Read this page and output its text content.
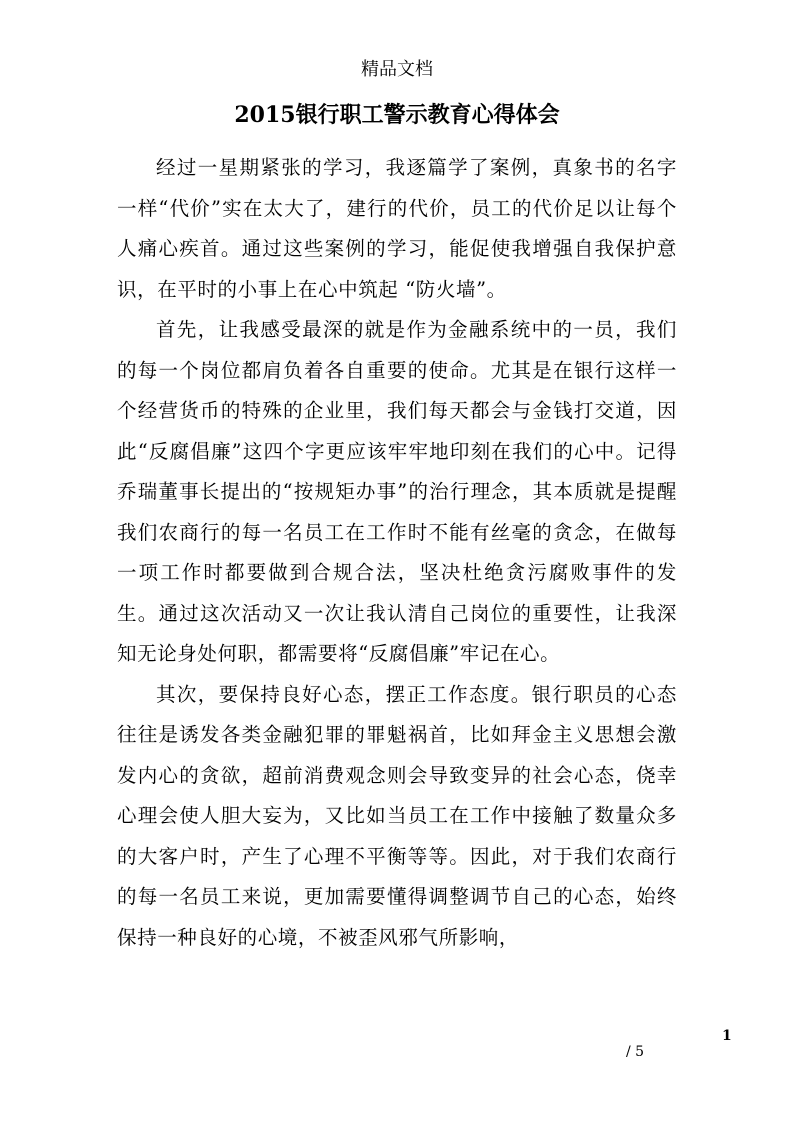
精品文档
2015银行职工警示教育心得体会

经过一星期紧张的学习，我逐篇学了案例，真象书的名字一样“代价”实在太大了，建行的代价，员工的代价足以让每个人痛心疾首。通过这些案例的学习，能促使我增强自我保护意识，在平时的小事上在心中筑起 “防火墙”。

首先，让我感受最深的就是作为金融系统中的一员，我们的每一个岗位都肩负着各自重要的使命。尤其是在银行这样一个经营货币的特殊的企业里，我们每天都会与金钱打交道，因此“反腐倡廉”这四个字更应该牢牢地印刻在我们的心中。记得乔瑞董事长提出的“按规矩办事”的治行理念，其本质就是提醒我们农商行的每一名员工在工作时不能有丝毫的贪念，在做每一项工作时都要做到合规合法，坚决杜绝贪污腐败事件的发生。通过这次活动又一次让我认清自己岗位的重要性，让我深知无论身处何职，都需要将“反腐倡廉”牢记在心。

其次，要保持良好心态，摆正工作态度。银行职员的心态往往是诱发各类金融犯罪的罪魁祸首，比如拜金主义思想会激发内心的贪欲，超前消费观念则会导致变异的社会心态，侥幸心理会使人胆大妄为，又比如当员工在工作中接触了数量众多的大客户时，产生了心理不平衡等等。因此，对于我们农商行的每一名员工来说，更加需要懂得调整调节自己的心态，始终保持一种良好的心境，不被歪风邪气所影响，

1
/ 5
